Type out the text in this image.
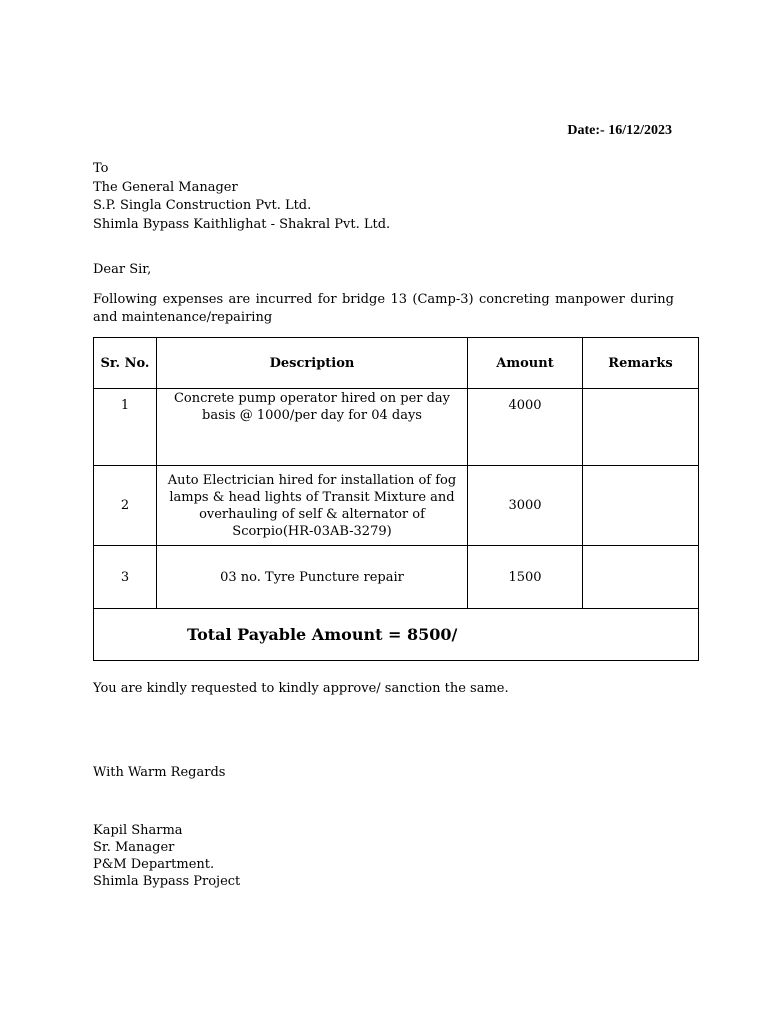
Date:- 16/12/2023
To
The General Manager
S.P. Singla Construction Pvt. Ltd.
Shimla Bypass Kaithlighat - Shakral Pvt. Ltd.
Dear Sir,
Following expenses are incurred for bridge 13 (Camp-3) concreting manpower during and maintenance/repairing
Sr. No.	Description	Amount	Remarks
1	Concrete pump operator hired on per day basis @ 1000/per day for 04 days	4000	
2	Auto Electrician hired for installation of fog lamps & head lights of Transit Mixture and overhauling of self & alternator of Scorpio(HR-03AB-3279)	3000	
3	03 no. Tyre Puncture repair	1500	
Total Payable Amount = 8500/			
You are kindly requested to kindly approve/ sanction the same.
With Warm Regards
Kapil Sharma
Sr. Manager
P&M Department.
Shimla Bypass Project
